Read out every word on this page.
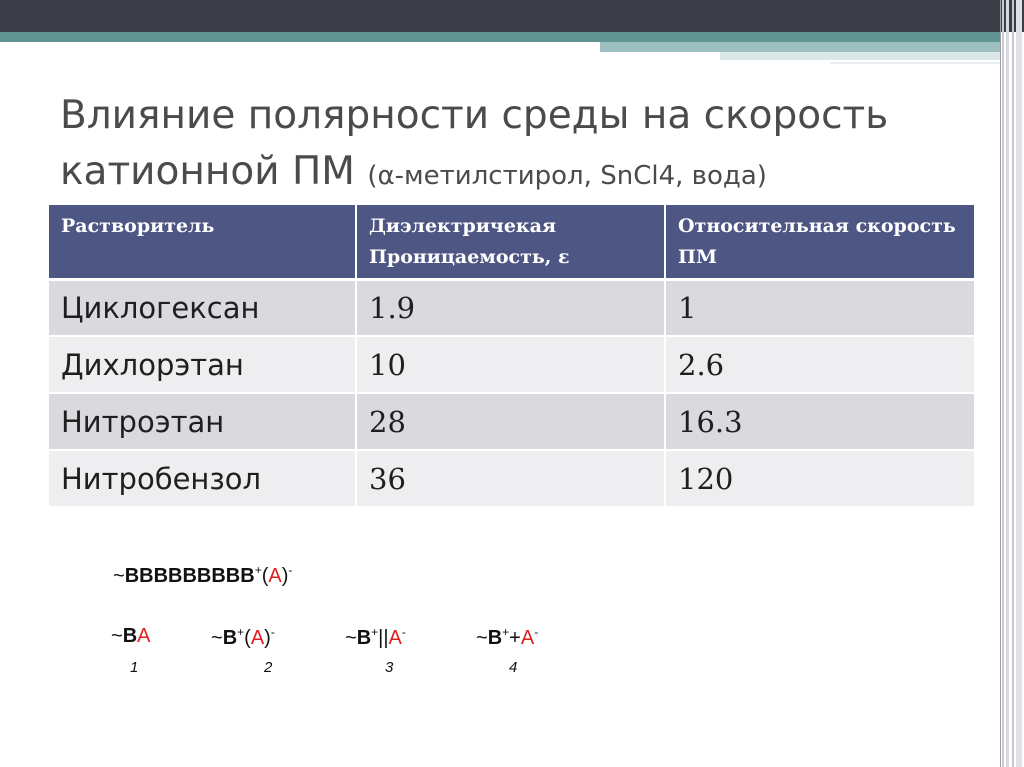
Влияние полярности среды на скорость катионной ПМ (α-метилстирол, SnCl4, вода)
Растворитель	Диэлектричекая Проницаемость, ε	Относительная скорость ПМ
Циклогексан	1.9	1
Дихлорэтан	10	2.6
Нитроэтан	28	16.3
Нитробензол	36	120
~BBBBBBBBB+(A)-
~BA	~B+(A)-	~B+||A-	~B++A-
1	2	3	4
